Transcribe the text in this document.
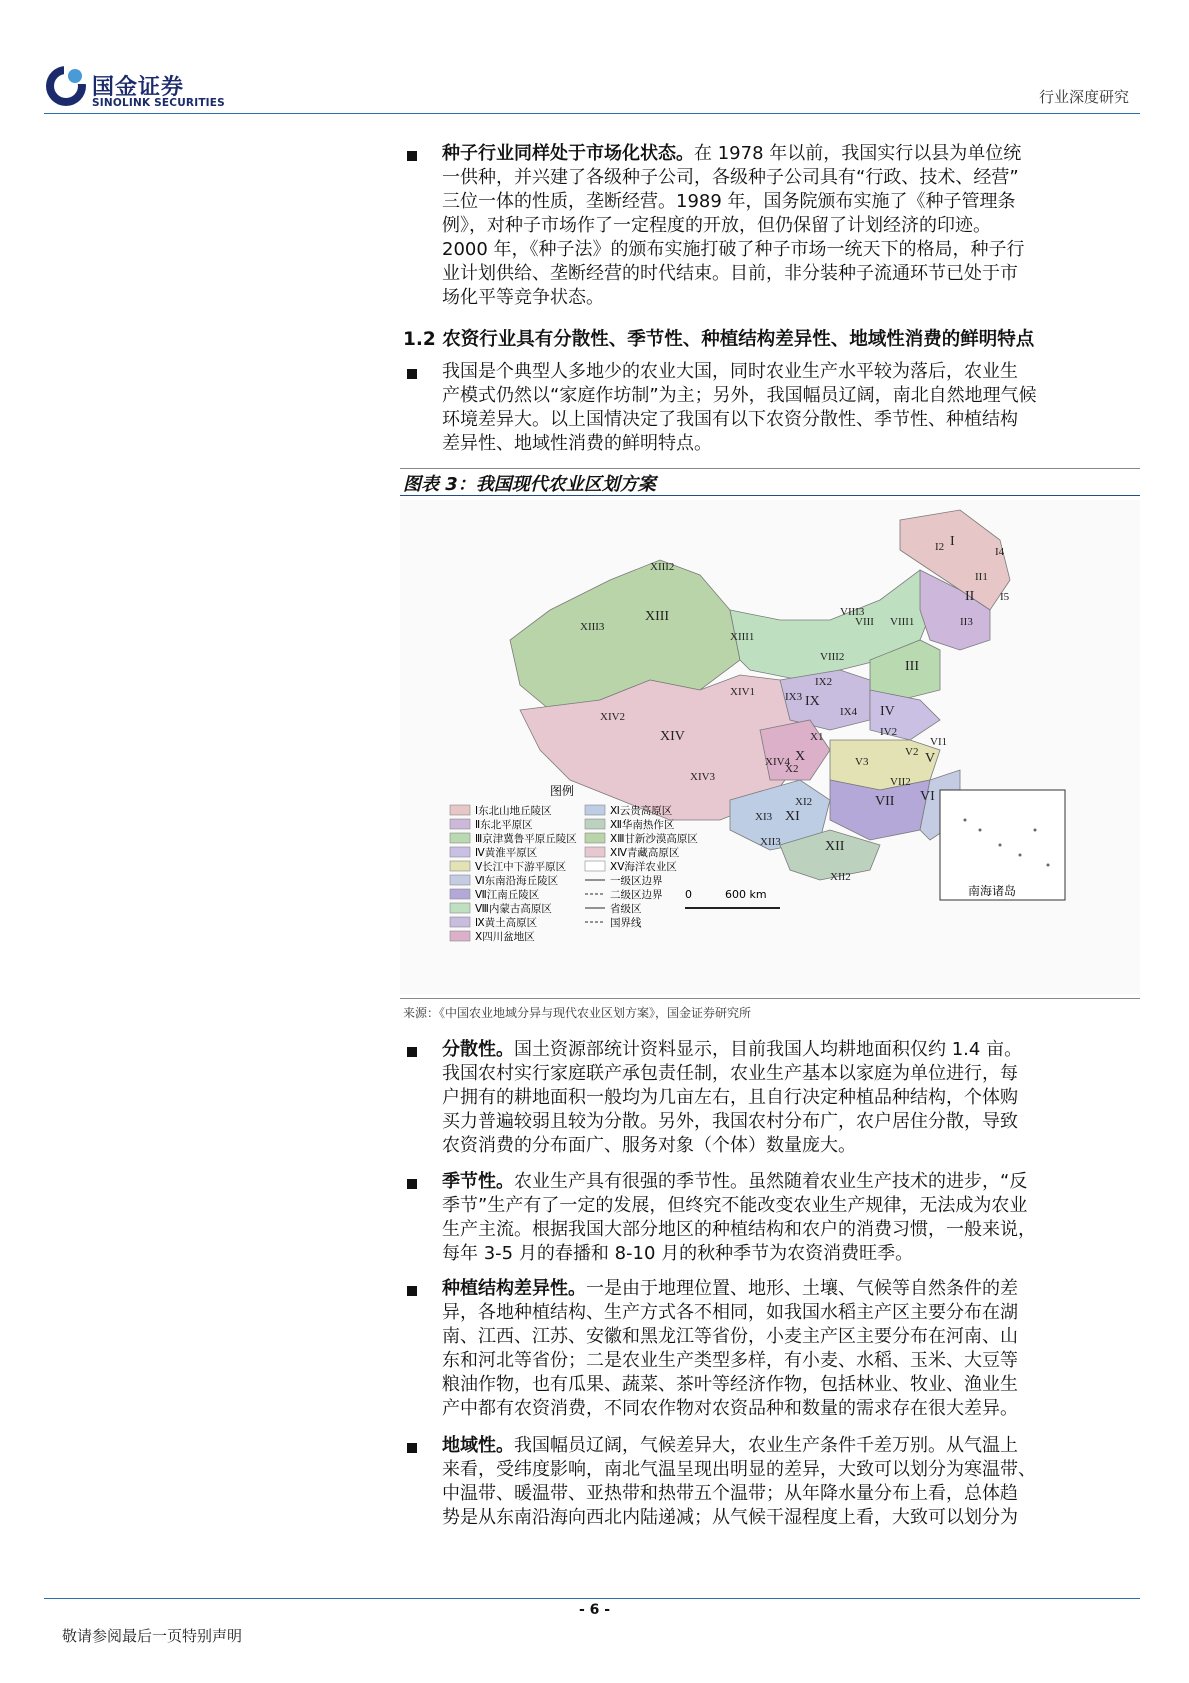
国金证券
SINOLINK SECURITIES	行业深度研究
种子行业同样处于市场化状态。在 1978 年以前，我国实行以县为单位统
一供种，并兴建了各级种子公司，各级种子公司具有“行政、技术、经营”
三位一体的性质，垄断经营。1989 年，国务院颁布实施了《种子管理条
例》，对种子市场作了一定程度的开放，但仍保留了计划经济的印迹。
2000 年，《种子法》的颁布实施打破了种子市场一统天下的格局，种子行
业计划供给、垄断经营的时代结束。目前，非分装种子流通环节已处于市
场化平等竞争状态。
1.2 农资行业具有分散性、季节性、种植结构差异性、地域性消费的鲜明特点
我国是个典型人多地少的农业大国，同时农业生产水平较为落后，农业生
产模式仍然以“家庭作坊制”为主；另外，我国幅员辽阔，南北自然地理气候
环境差异大。以上国情决定了我国有以下农资分散性、季节性、种植结构
差异性、地域性消费的鲜明特点。
图表 3：我国现代农业区划方案
XIII
XIII2
XIII3
XIII1
XIV
XIV1
XIV2
XIV3
XIV4
I
I2	I4
I5
II
II1
II3
VIII VIII1
VIII2
VIII3
III
IX
IX2
IX3
IX4 IV
IV2
X
X1
X2
V
V2
V3
VI
VI1
VII
VII2
XI
XI2
XI3
XII
XII3
XII2
图例
Ⅰ东北山地丘陵区
Ⅱ东北平原区
Ⅲ京津冀鲁平原丘陵区
Ⅳ黄淮平原区
Ⅴ长江中下游平原区
Ⅵ东南沿海丘陵区
Ⅶ江南丘陵区
Ⅷ内蒙古高原区
Ⅸ黄土高原区
Ⅹ四川盆地区
Ⅺ云贵高原区
Ⅻ华南热作区
ⅩⅢ甘新沙漠高原区
ⅩⅣ青藏高原区
ⅩⅤ海洋农业区
一级区边界
二级区边界
省级区
国界线
0	600 km	南海诸岛
来源：《中国农业地域分异与现代农业区划方案》，国金证券研究所
分散性。国土资源部统计资料显示，目前我国人均耕地面积仅约 1.4 亩。
我国农村实行家庭联产承包责任制，农业生产基本以家庭为单位进行，每
户拥有的耕地面积一般均为几亩左右，且自行决定种植品种结构，个体购
买力普遍较弱且较为分散。另外，我国农村分布广，农户居住分散，导致
农资消费的分布面广、服务对象（个体）数量庞大。
季节性。农业生产具有很强的季节性。虽然随着农业生产技术的进步，“反
季节”生产有了一定的发展，但终究不能改变农业生产规律，无法成为农业
生产主流。根据我国大部分地区的种植结构和农户的消费习惯，一般来说，
每年 3-5 月的春播和 8-10 月的秋种季节为农资消费旺季。
种植结构差异性。一是由于地理位置、地形、土壤、气候等自然条件的差
异，各地种植结构、生产方式各不相同，如我国水稻主产区主要分布在湖
南、江西、江苏、安徽和黑龙江等省份，小麦主产区主要分布在河南、山
东和河北等省份；二是农业生产类型多样，有小麦、水稻、玉米、大豆等
粮油作物，也有瓜果、蔬菜、茶叶等经济作物，包括林业、牧业、渔业生
产中都有农资消费，不同农作物对农资品种和数量的需求存在很大差异。
地域性。我国幅员辽阔，气候差异大，农业生产条件千差万别。从气温上
来看，受纬度影响，南北气温呈现出明显的差异，大致可以划分为寒温带、
中温带、暖温带、亚热带和热带五个温带；从年降水量分布上看，总体趋
势是从东南沿海向西北内陆递减；从气候干湿程度上看，大致可以划分为
- 6 -
敬请参阅最后一页特别声明
